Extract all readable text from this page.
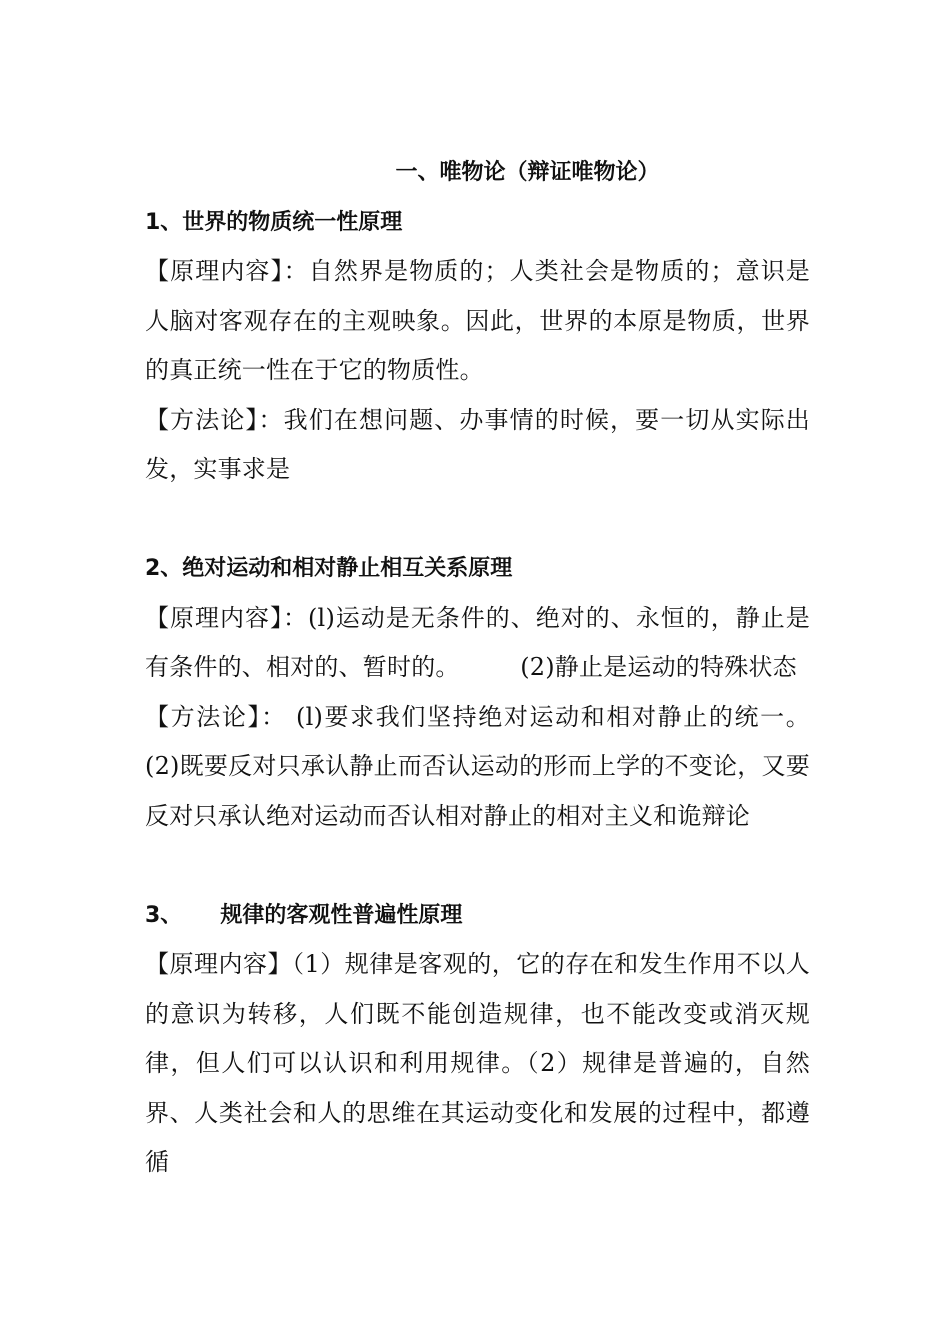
一、唯物论（辩证唯物论）
1、世界的物质统一性原理

【原理内容】：自然界是物质的；人类社会是物质的；意识是人脑对客观存在的主观映象。因此，世界的本原是物质，世界的真正统一性在于它的物质性。

【方法论】：我们在想问题、办事情的时候，要一切从实际出发，实事求是

2、绝对运动和相对静止相互关系原理

【原理内容】：(l)运动是无条件的、绝对的、永恒的，静止是有条件的、相对的、暂时的。　　　(2)静止是运动的特殊状态

【方法论】： (l)要求我们坚持绝对运动和相对静止的统一。 (2)既要反对只承认静止而否认运动的形而上学的不变论，又要反对只承认绝对运动而否认相对静止的相对主义和诡辩论

3、 规律的客观性普遍性原理

【原理内容】（1）规律是客观的，它的存在和发生作用不以人的意识为转移，人们既不能创造规律，也不能改变或消灭规律，但人们可以认识和利用规律。（2）规律是普遍的，自然界、人类社会和人的思维在其运动变化和发展的过程中，都遵循
